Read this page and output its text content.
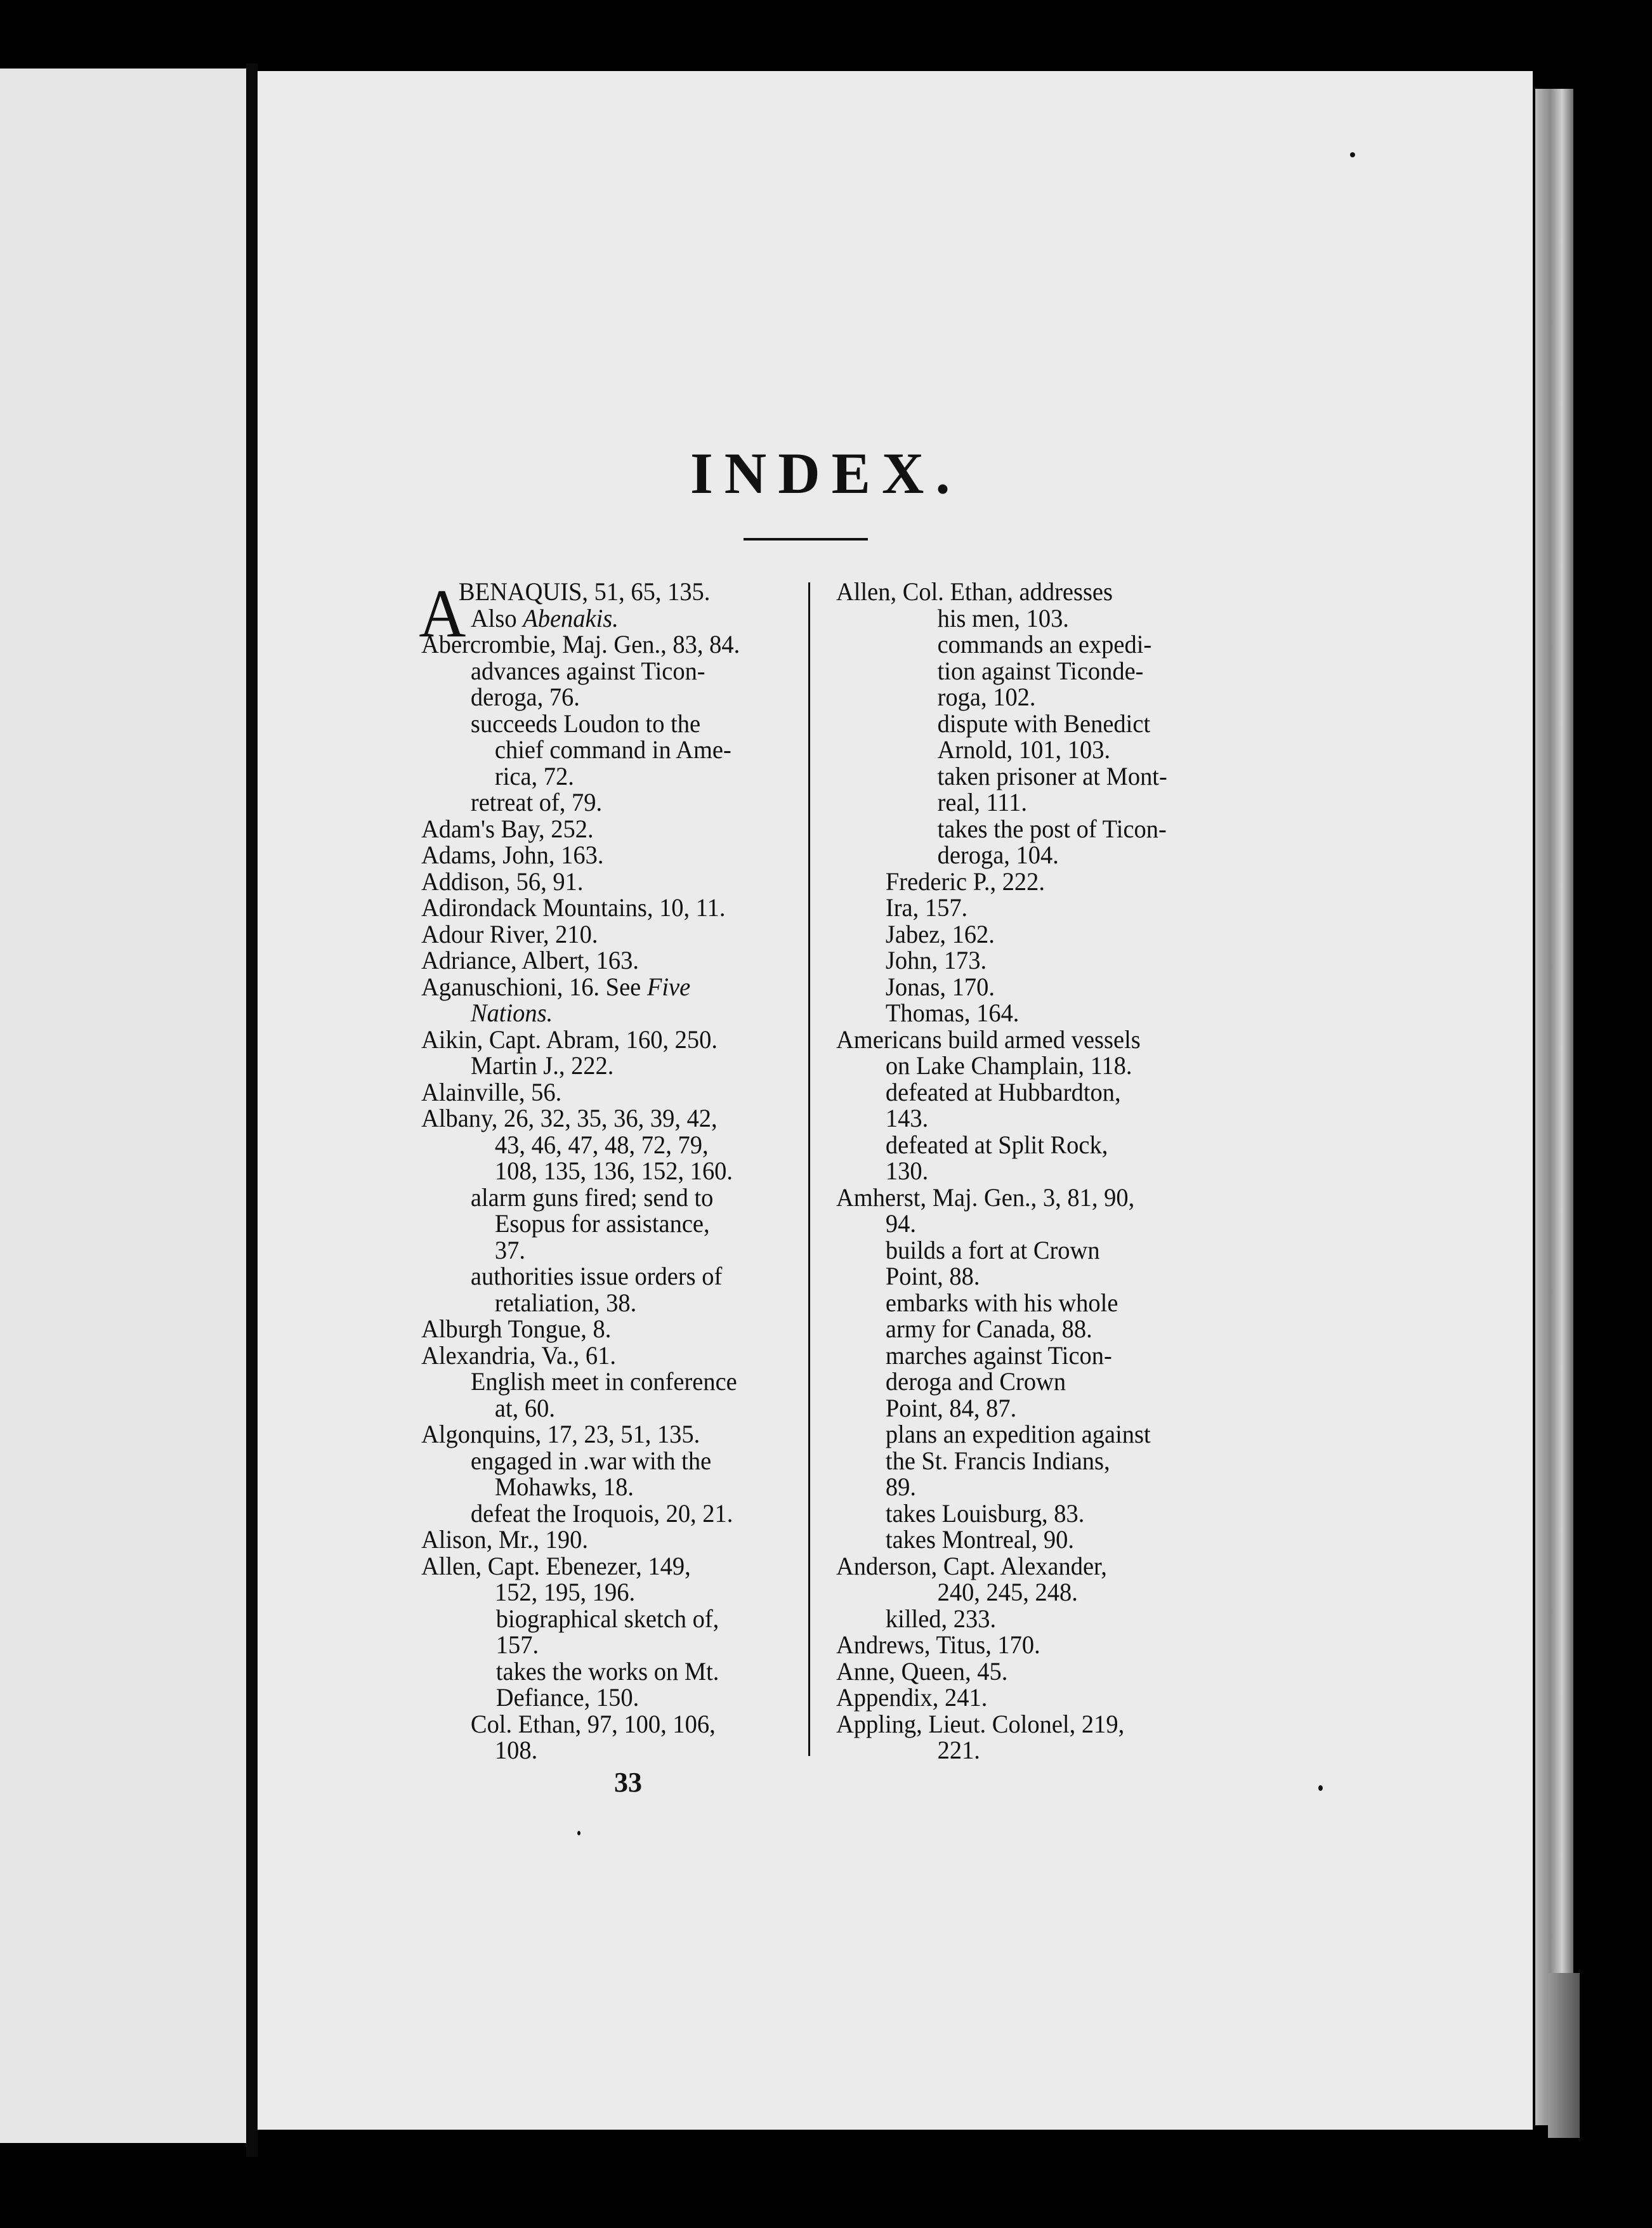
INDEX.
A
BENAQUIS, 51, 65, 135.
Also Abenakis.
Abercrombie, Maj. Gen., 83, 84.
advances against Ticon-
deroga, 76.
succeeds Loudon to the
chief command in Ame-
rica, 72.
retreat of, 79.
Adam's Bay, 252.
Adams, John, 163.
Addison, 56, 91.
Adirondack Mountains, 10, 11.
Adour River, 210.
Adriance, Albert, 163.
Aganuschioni, 16. See Five
Nations.
Aikin, Capt. Abram, 160, 250.
Martin J., 222.
Alainville, 56.
Albany, 26, 32, 35, 36, 39, 42,
43, 46, 47, 48, 72, 79,
108, 135, 136, 152, 160.
alarm guns fired; send to
Esopus for assistance,
37.
authorities issue orders of
retaliation, 38.
Alburgh Tongue, 8.
Alexandria, Va., 61.
English meet in conference
at, 60.
Algonquins, 17, 23, 51, 135.
engaged in .war with the
Mohawks, 18.
defeat the Iroquois, 20, 21.
Alison, Mr., 190.
Allen, Capt. Ebenezer, 149,
152, 195, 196.
biographical sketch of,
157.
takes the works on Mt.
Defiance, 150.
Col. Ethan, 97, 100, 106,
108.
Allen, Col. Ethan, addresses
his men, 103.
commands an expedi-
tion against Ticonde-
roga, 102.
dispute with Benedict
Arnold, 101, 103.
taken prisoner at Mont-
real, 111.
takes the post of Ticon-
deroga, 104.
Frederic P., 222.
Ira, 157.
Jabez, 162.
John, 173.
Jonas, 170.
Thomas, 164.
Americans build armed vessels
on Lake Champlain, 118.
defeated at Hubbardton,
143.
defeated at Split Rock,
130.
Amherst, Maj. Gen., 3, 81, 90,
94.
builds a fort at Crown
Point, 88.
embarks with his whole
army for Canada, 88.
marches against Ticon-
deroga and Crown
Point, 84, 87.
plans an expedition against
the St. Francis Indians,
89.
takes Louisburg, 83.
takes Montreal, 90.
Anderson, Capt. Alexander,
240, 245, 248.
killed, 233.
Andrews, Titus, 170.
Anne, Queen, 45.
Appendix, 241.
Appling, Lieut. Colonel, 219,
221.
33
